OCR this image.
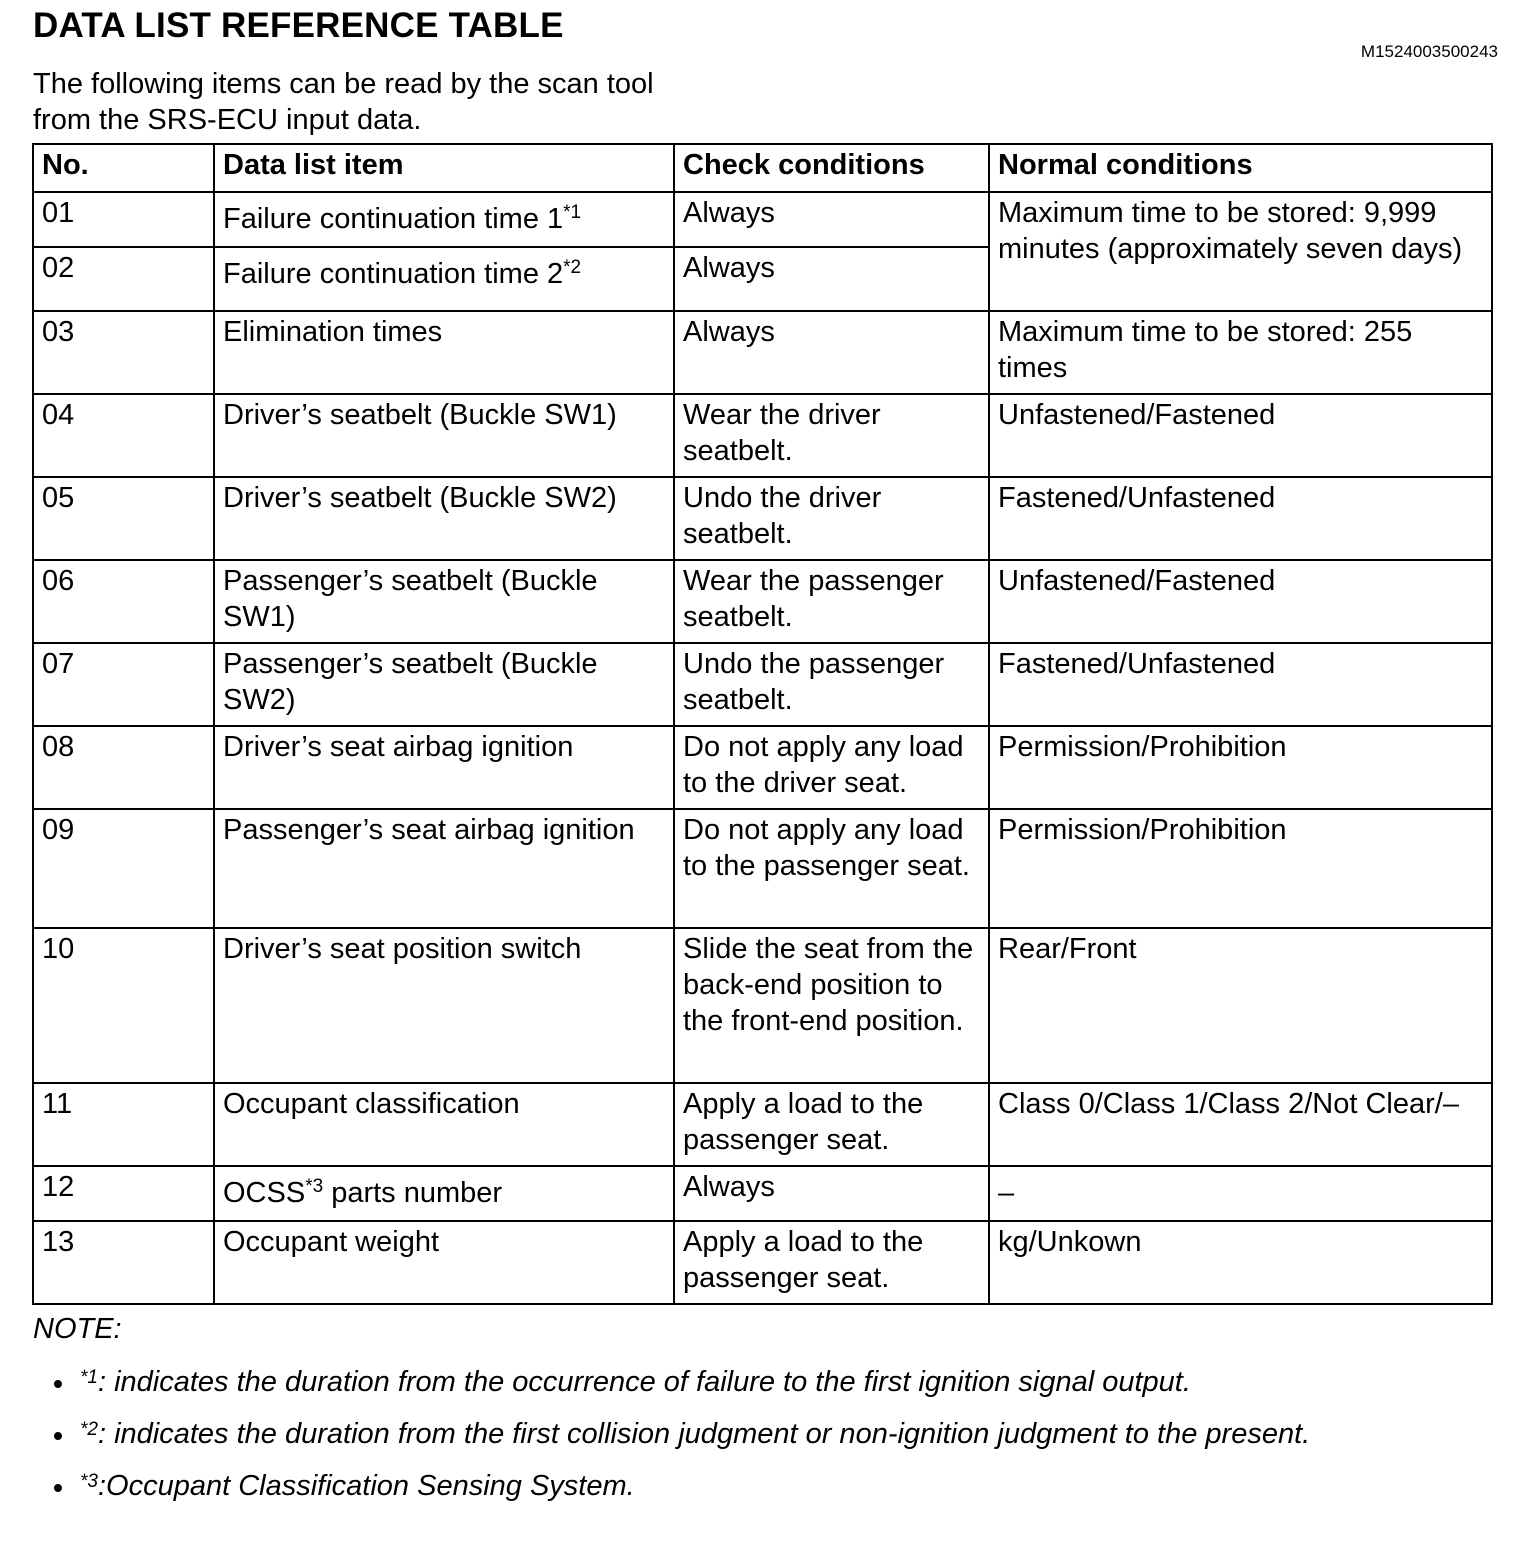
DATA LIST REFERENCE TABLE
M1524003500243
The following items can be read by the scan tool
from the SRS-ECU input data.
No.	Data list item	Check conditions	Normal conditions
01	Failure continuation time 1$^{*1}$	Always	Maximum time to be stored: 9,999 minutes (approximately seven days)
02	Failure continuation time 2$^{*2}$	Always	
03	Elimination times	Always	Maximum time to be stored: 255 times
04	Driver’s seatbelt (Buckle SW1)	Wear the driver seatbelt.	Unfastened/Fastened
05	Driver’s seatbelt (Buckle SW2)	Undo the driver seatbelt.	Fastened/Unfastened
06	Passenger’s seatbelt (Buckle SW1)	Wear the passenger seatbelt.	Unfastened/Fastened
07	Passenger’s seatbelt (Buckle SW2)	Undo the passenger seatbelt.	Fastened/Unfastened
08	Driver’s seat airbag ignition	Do not apply any load to the driver seat.	Permission/Prohibition
09	Passenger’s seat airbag ignition	Do not apply any load to the passenger seat.	Permission/Prohibition
10	Driver’s seat position switch	Slide the seat from the back-end position to the front-end position.	Rear/Front
11	Occupant classification	Apply a load to the passenger seat.	Class 0/Class 1/Class 2/Not Clear/–
12	OCSS$^{*3}$ parts number	Always	–
13	Occupant weight	Apply a load to the passenger seat.	kg/Unkown
NOTE:
$^{*1}$: indicates the duration from the occurrence of failure to the first ignition signal output.
$^{*2}$: indicates the duration from the first collision judgment or non-ignition judgment to the present.
$^{*3}$:Occupant Classification Sensing System.
